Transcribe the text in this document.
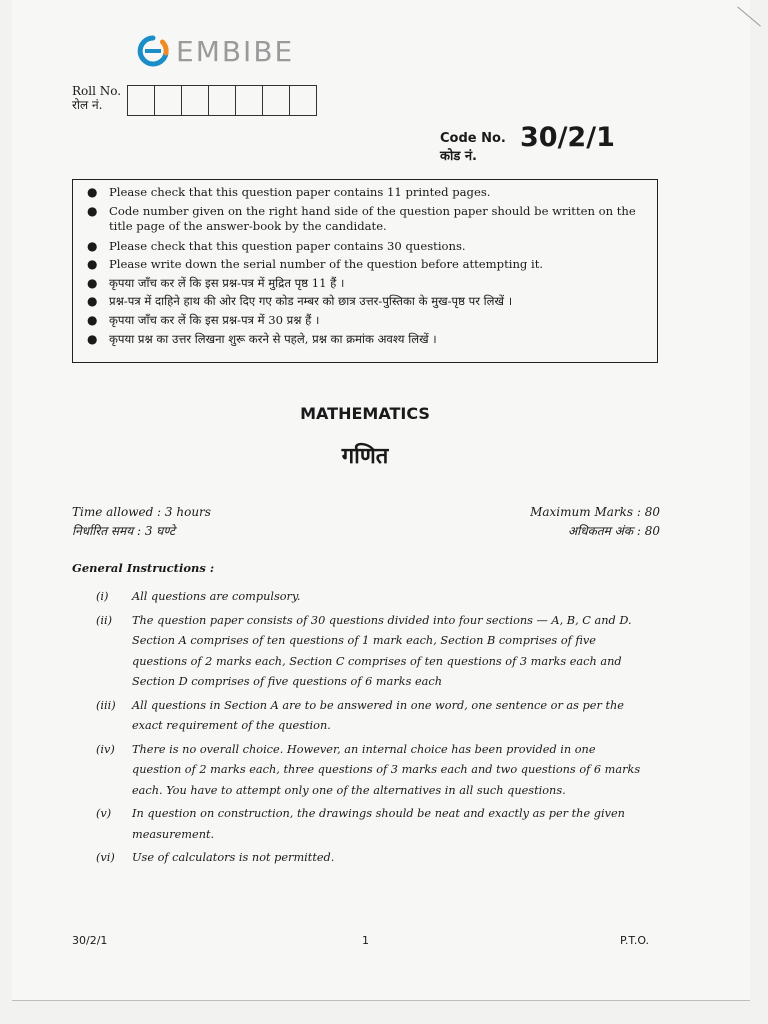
EMBIBE
Roll No.
रोल नं.
Code No.
कोड नं.
30/2/1
● Please check that this question paper contains 11 printed pages.
● Code number given on the right hand side of the question paper should be written on the title page of the answer-book by the candidate.
● Please check that this question paper contains 30 questions.
● Please write down the serial number of the question before attempting it.
● कृपया जाँच कर लें कि इस प्रश्न-पत्र में मुद्रित पृष्ठ 11 हैं ।
● प्रश्न-पत्र में दाहिने हाथ की ओर दिए गए कोड नम्बर को छात्र उत्तर-पुस्तिका के मुख-पृष्ठ पर लिखें ।
● कृपया जाँच कर लें कि इस प्रश्न-पत्र में 30 प्रश्न हैं ।
● कृपया प्रश्न का उत्तर लिखना शुरू करने से पहले, प्रश्न का क्रमांक अवश्य लिखें ।
MATHEMATICS
गणित
Time allowed : 3 hours
निर्धारित समय : 3 घण्टे
Maximum Marks : 80
अधिकतम अंक : 80
General Instructions :
(i)	All questions are compulsory.
(ii)	The question paper consists of 30 questions divided into four sections — A, B, C and D. Section A comprises of ten questions of 1 mark each, Section B comprises of five questions of 2 marks each, Section C comprises of ten questions of 3 marks each and Section D comprises of five questions of 6 marks each
(iii)	All questions in Section A are to be answered in one word, one sentence or as per the exact requirement of the question.
(iv)	There is no overall choice. However, an internal choice has been provided in one question of 2 marks each, three questions of 3 marks each and two questions of 6 marks each. You have to attempt only one of the alternatives in all such questions.
(v)	In question on construction, the drawings should be neat and exactly as per the given measurement.
(vi)	Use of calculators is not permitted.
30/2/1	1	P.T.O.
